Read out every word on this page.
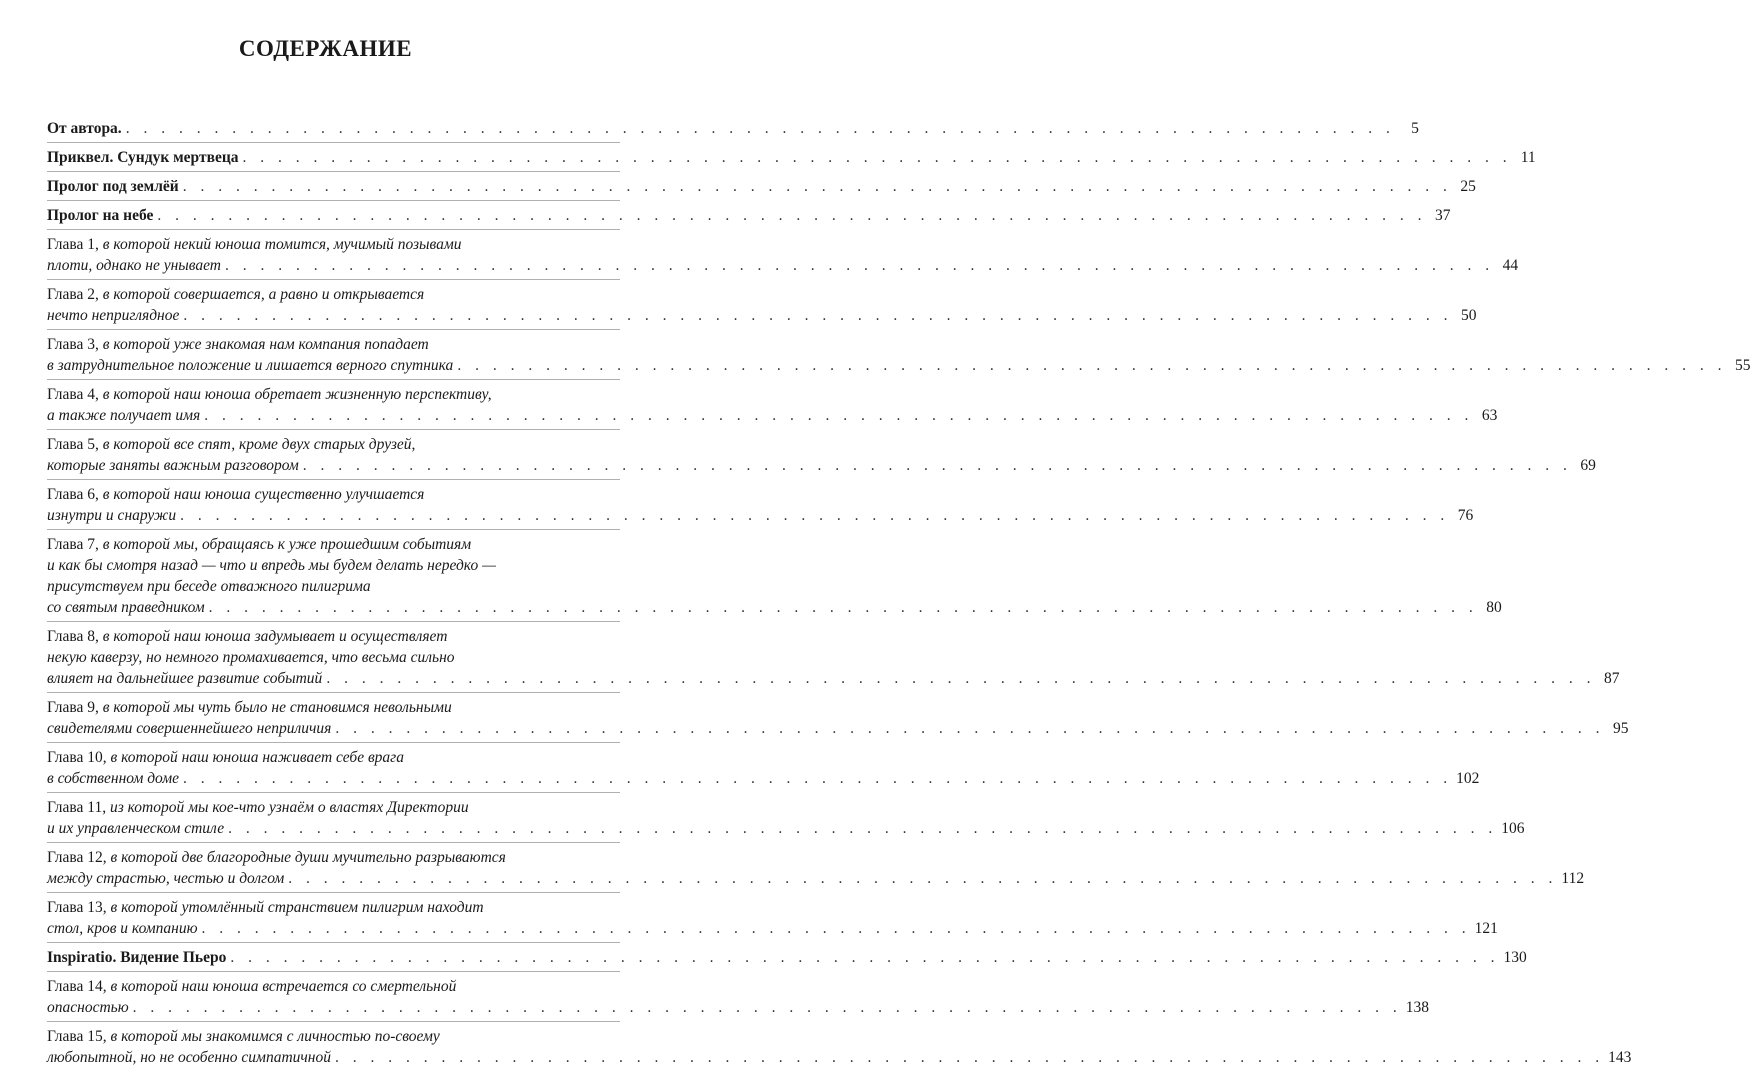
СОДЕРЖАНИЕ
От автора. . . . . . . . . . . . . . . . . . . . . . . . . . . . . . . . . . . . . . . . . . . . . . . . . . . . . . . . . . . . . . . . . . . . . . . . .	5
Приквел. Сундук мертвеца . . . . . . . . . . . . . . . . . . . . . . . . . . . . . . . . . . . . . . . . . . . . . . . . . . . . . . . . . . . . . . . . . . . . . . . . 11
Пролог под землёй . . . . . . . . . . . . . . . . . . . . . . . . . . . . . . . . . . . . . . . . . . . . . . . . . . . . . . . . . . . . . . . . . . . . . . . . 25
Пролог на небе . . . . . . . . . . . . . . . . . . . . . . . . . . . . . . . . . . . . . . . . . . . . . . . . . . . . . . . . . . . . . . . . . . . . . . . . 37
Глава 1, в которой некий юноша томится, мучимый позывами
плоти, однако не унывает . . . . . . . . . . . . . . . . . . . . . . . . . . . . . . . . . . . . . . . . . . . . . . . . . . . . . . . . . . . . . . . . . . . . . . . . 44
Глава 2, в которой совершается, а равно и открывается
нечто неприглядное . . . . . . . . . . . . . . . . . . . . . . . . . . . . . . . . . . . . . . . . . . . . . . . . . . . . . . . . . . . . . . . . . . . . . . . . 50
Глава 3, в которой уже знакомая нам компания попадает
в затруднительное положение и лишается верного спутника . . . . . . . . . . . . . . . . . . . . . . . . . . . . . . . . . . . . . . . . . . . . . . . . . . . . . . . . . . . . . . . . . . . . . . . . 55
Глава 4, в которой наш юноша обретает жизненную перспективу,
а также получает имя . . . . . . . . . . . . . . . . . . . . . . . . . . . . . . . . . . . . . . . . . . . . . . . . . . . . . . . . . . . . . . . . . . . . . . . . 63
Глава 5, в которой все спят, кроме двух старых друзей,
которые заняты важным разговором . . . . . . . . . . . . . . . . . . . . . . . . . . . . . . . . . . . . . . . . . . . . . . . . . . . . . . . . . . . . . . . . . . . . . . . . 69
Глава 6, в которой наш юноша существенно улучшается
изнутри и снаружи . . . . . . . . . . . . . . . . . . . . . . . . . . . . . . . . . . . . . . . . . . . . . . . . . . . . . . . . . . . . . . . . . . . . . . . . 76
Глава 7, в которой мы, обращаясь к уже прошедшим событиям
и как бы смотря назад — что и впредь мы будем делать нередко —
присутствуем при беседе отважного пилигрима
со святым праведником . . . . . . . . . . . . . . . . . . . . . . . . . . . . . . . . . . . . . . . . . . . . . . . . . . . . . . . . . . . . . . . . . . . . . . . . 80
Глава 8, в которой наш юноша задумывает и осуществляет
некую каверзу, но немного промахивается, что весьма сильно
влияет на дальнейшее развитие событий . . . . . . . . . . . . . . . . . . . . . . . . . . . . . . . . . . . . . . . . . . . . . . . . . . . . . . . . . . . . . . . . . . . . . . . . 87
Глава 9, в которой мы чуть было не становимся невольными
свидетелями совершеннейшего неприличия . . . . . . . . . . . . . . . . . . . . . . . . . . . . . . . . . . . . . . . . . . . . . . . . . . . . . . . . . . . . . . . . . . . . . . . . 95
Глава 10, в которой наш юноша наживает себе врага
в собственном доме . . . . . . . . . . . . . . . . . . . . . . . . . . . . . . . . . . . . . . . . . . . . . . . . . . . . . . . . . . . . . . . . . . . . . . . . 102
Глава 11, из которой мы кое-что узнаём о властях Директории
и их управленческом стиле . . . . . . . . . . . . . . . . . . . . . . . . . . . . . . . . . . . . . . . . . . . . . . . . . . . . . . . . . . . . . . . . . . . . . . . . 106
Глава 12, в которой две благородные души мучительно разрываются
между страстью, честью и долгом . . . . . . . . . . . . . . . . . . . . . . . . . . . . . . . . . . . . . . . . . . . . . . . . . . . . . . . . . . . . . . . . . . . . . . . . 112
Глава 13, в которой утомлённый странствием пилигрим находит
стол, кров и компанию . . . . . . . . . . . . . . . . . . . . . . . . . . . . . . . . . . . . . . . . . . . . . . . . . . . . . . . . . . . . . . . . . . . . . . . . 121
Inspiratio. Видение Пьеро . . . . . . . . . . . . . . . . . . . . . . . . . . . . . . . . . . . . . . . . . . . . . . . . . . . . . . . . . . . . . . . . . . . . . . . . 130
Глава 14, в которой наш юноша встречается со смертельной
опасностью . . . . . . . . . . . . . . . . . . . . . . . . . . . . . . . . . . . . . . . . . . . . . . . . . . . . . . . . . . . . . . . . . . . . . . . . 138
Глава 15, в которой мы знакомимся с личностью по-своему
любопытной, но не особенно симпатичной . . . . . . . . . . . . . . . . . . . . . . . . . . . . . . . . . . . . . . . . . . . . . . . . . . . . . . . . . . . . . . . . . . . . . . . . 143
